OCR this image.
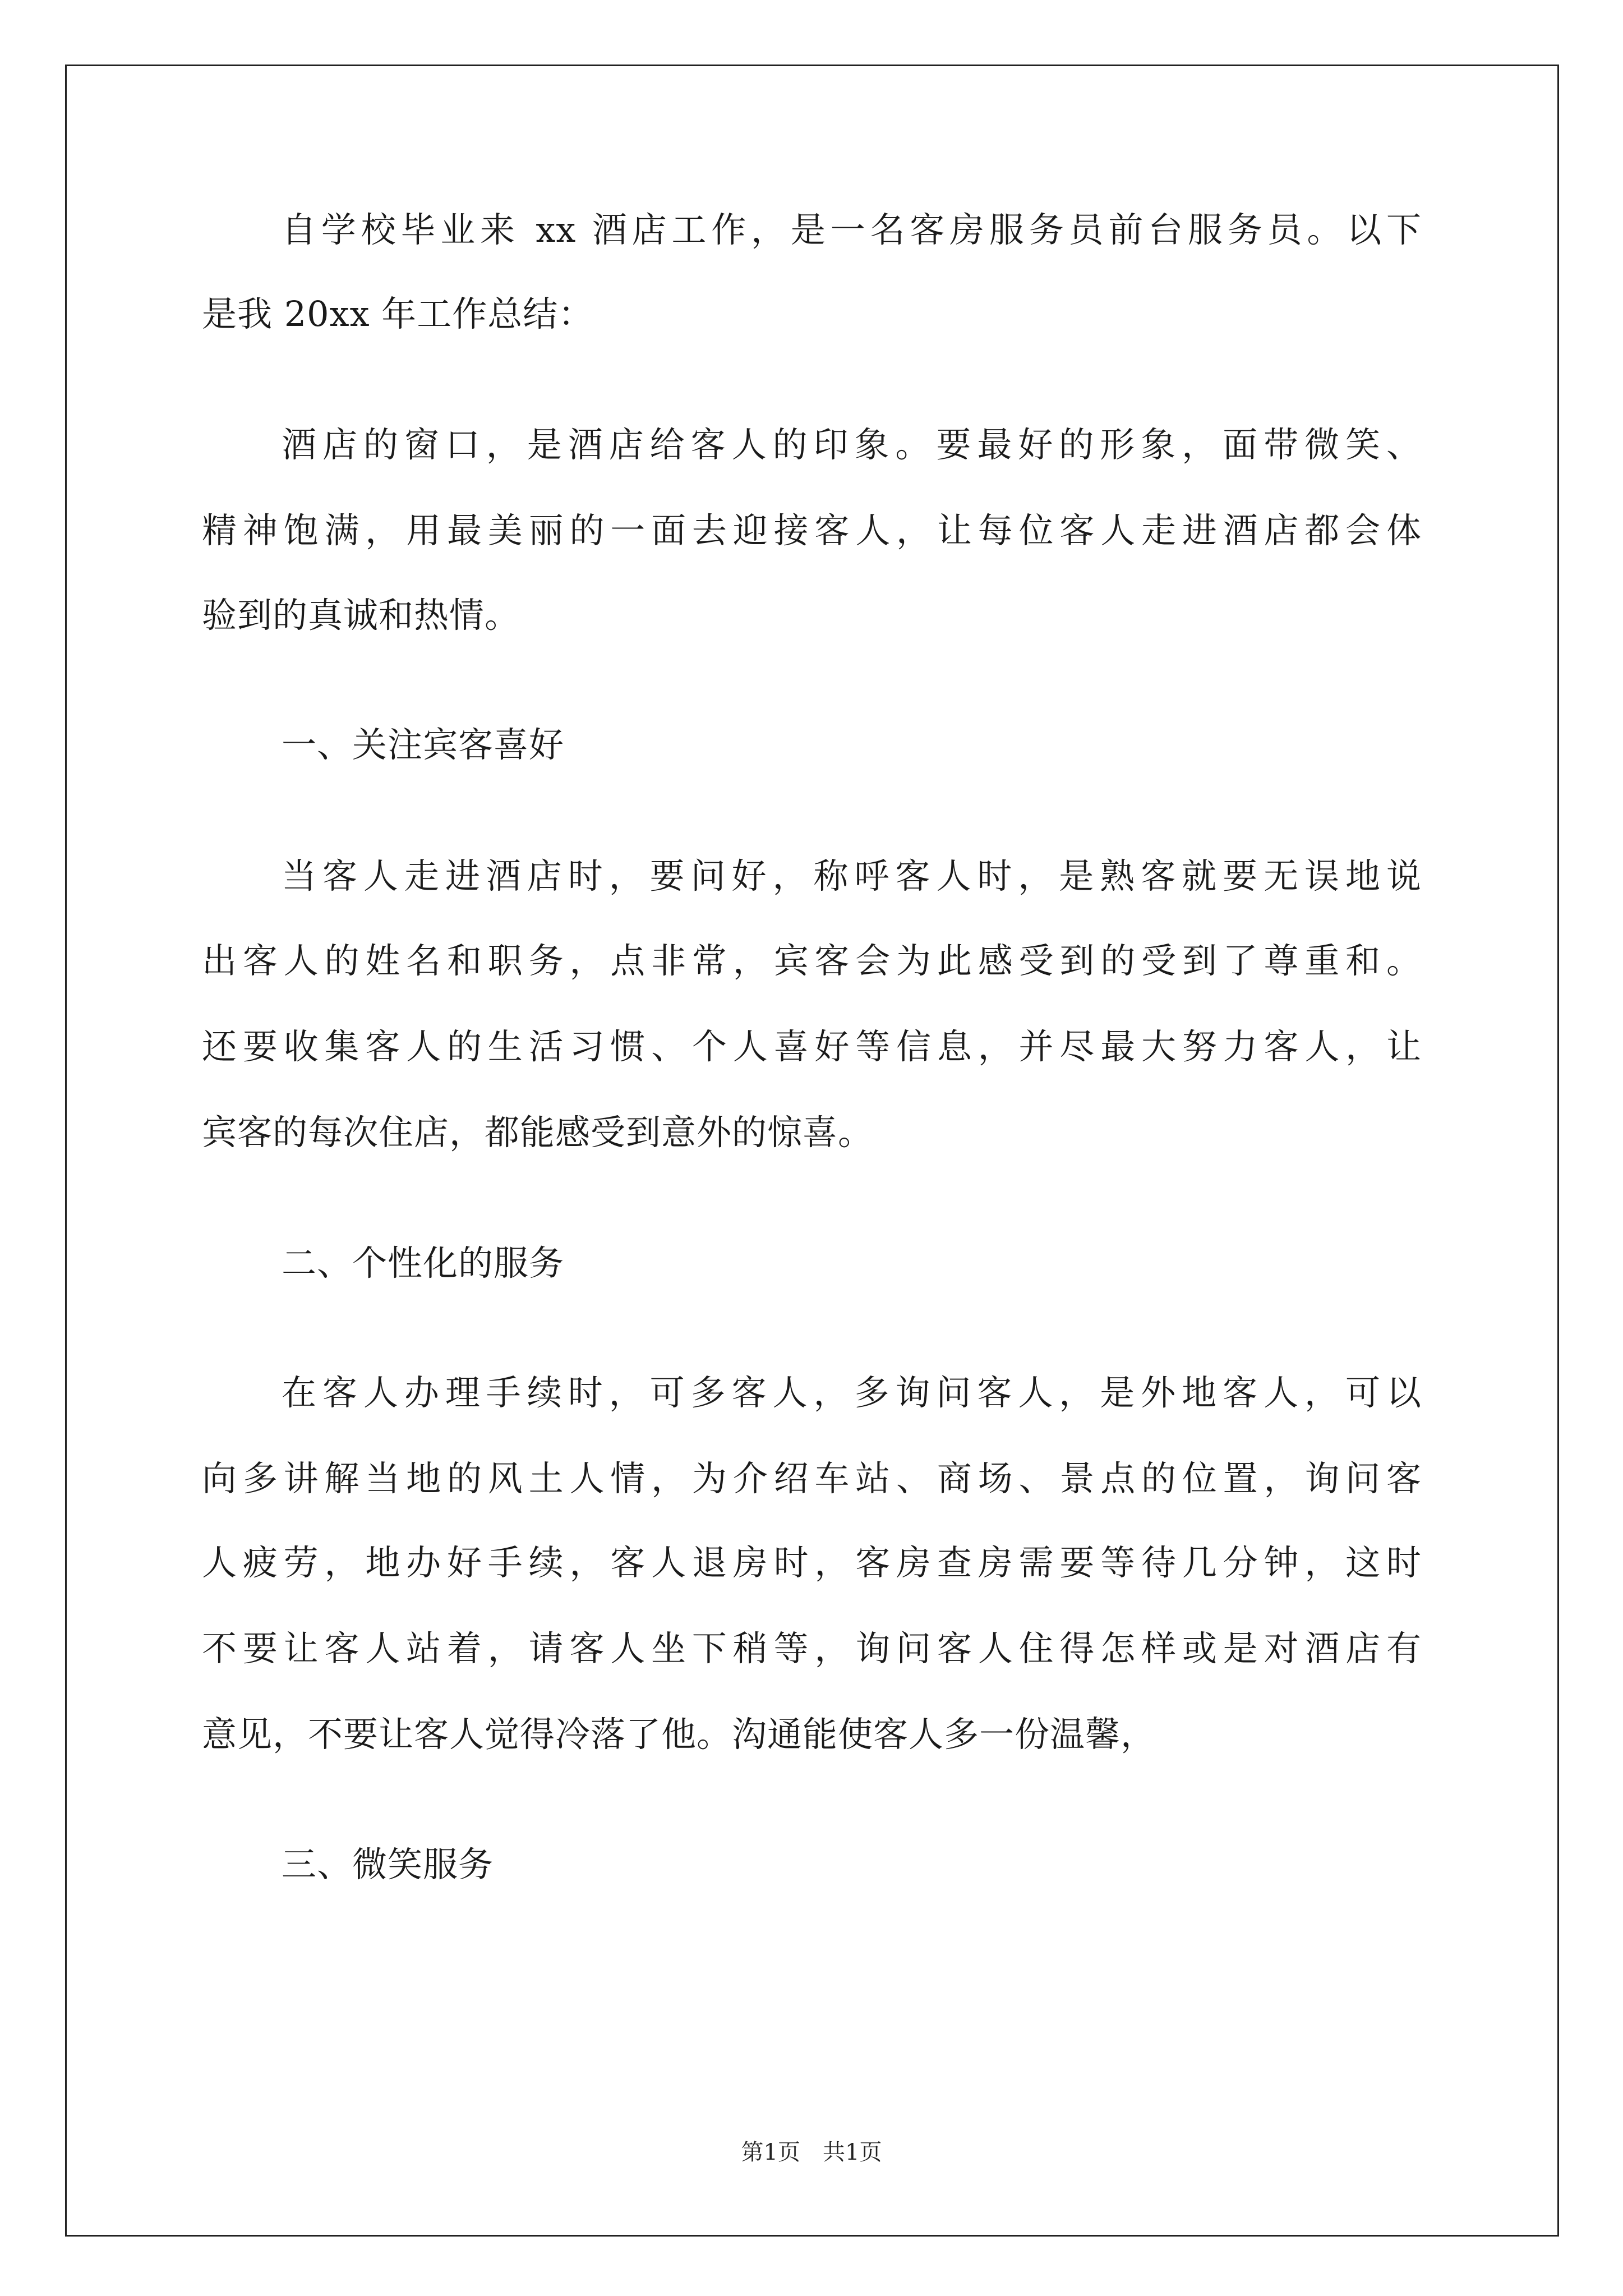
自学校毕业来 xx 酒店工作，是一名客房服务员前台服务员。以下
是我 20xx 年工作总结：
酒店的窗口，是酒店给客人的印象。要最好的形象，面带微笑、
精神饱满，用最美丽的一面去迎接客人，让每位客人走进酒店都会体
验到的真诚和热情。
一、关注宾客喜好
当客人走进酒店时，要问好，称呼客人时，是熟客就要无误地说
出客人的姓名和职务，点非常，宾客会为此感受到的受到了尊重和。
还要收集客人的生活习惯、个人喜好等信息，并尽最大努力客人，让
宾客的每次住店，都能感受到意外的惊喜。
二、个性化的服务
在客人办理手续时，可多客人，多询问客人，是外地客人，可以
向多讲解当地的风土人情，为介绍车站、商场、景点的位置，询问客
人疲劳，地办好手续，客人退房时，客房查房需要等待几分钟，这时
不要让客人站着，请客人坐下稍等，询问客人住得怎样或是对酒店有
意见，不要让客人觉得冷落了他。沟通能使客人多一份温馨，
三、微笑服务
第1页　共1页
